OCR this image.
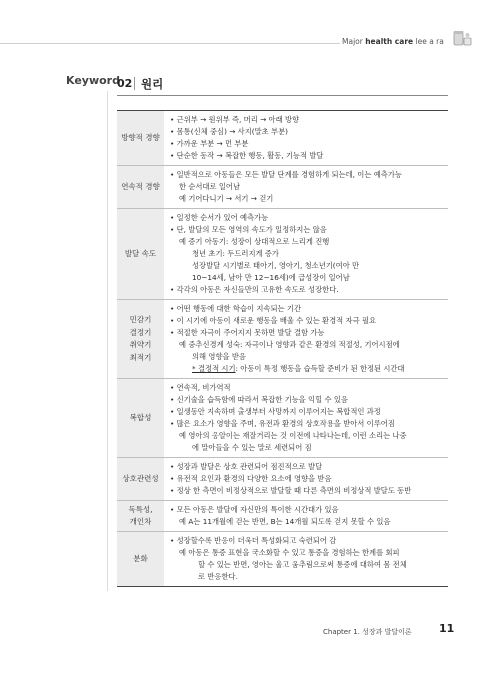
Major health care lee a ra
Keyword
02 원리
방향적 경향
• 근위부 → 원위부 즉, 머리 → 아래 방향
• 몸통(신체 중심) → 사지(말초 부분)
• 가까운 부분 → 먼 부분
• 단순한 동작 → 복잡한 행동, 활동, 기능적 발달
연속적 경향
• 일반적으로 아동들은 모든 발달 단계를 경험하게 되는데, 이는 예측가능
한 순서대로 일어남
예 기어다니기 → 서기 → 걷기
발달 속도
• 일정한 순서가 있어 예측가능
• 단, 발달의 모든 영역의 속도가 일정하지는 않음
예 증기 아동기: 성장이 상대적으로 느리게 진행
청년 초기: 두드러지게 증가
성장발달 시기별로 태아기, 영아기, 청소년기(여아 만
10~14세, 남아 만 12~16세)에 급성장이 일어남
• 각각의 아동은 자신들만의 고유한 속도로 성장한다.
민감기
결정기
취약기
최적기
• 어떤 행동에 대한 학습이 지속되는 기간
• 이 시기에 아동이 새로운 행동을 배울 수 있는 환경적 자극 필요
• 적절한 자극이 주어지지 못하면 발달 결함 가능
예 중추신경계 성숙: 자극이나 영향과 같은 환경의 적절성, 기어시점에
의해 영향을 받음
* 결정적 시기: 아동이 특정 행동을 습득할 준비가 된 한정된 시간대
복합성
• 연속적, 비가역적
• 신기술을 습득함에 따라서 복잡한 기능을 익힐 수 있음
• 일생동안 지속하며 출생부터 사망까지 이루어지는 복합적인 과정
• 많은 요소가 영향을 주며, 유전과 환경의 상호작용을 받아서 이루어짐
예 영아의 옹알이는 재잘거리는 것 이전에 나타나는데, 이런 소리는 나중
에 말아들을 수 있는 말로 세련되어 짐
상호관련성
• 성장과 발달은 상호 관련되어 점진적으로 발달
• 유전적 요인과 환경의 다양한 요소에 영향을 받음
• 정상 한 측면이 비정상적으로 발달할 때 다른 측면의 비정상적 발달도 동반
독특성,
개인차
• 모든 아동은 발달에 자신만의 특이한 시간대가 있음
예 A는 11개월에 걷는 반면, B는 14개월 되도록 걷지 못할 수 있음
분화
• 성장할수록 반응이 더욱더 특성화되고 숙련되어 감
예 아동은 통증 표현을 국소화할 수 있고 통증을 경험하는 한계를 회피
할 수 있는 반면, 영아는 울고 움추림으로써 통증에 대하여 몸 전체
로 반응한다.
Chapter 1. 성장과 발달이론 11
